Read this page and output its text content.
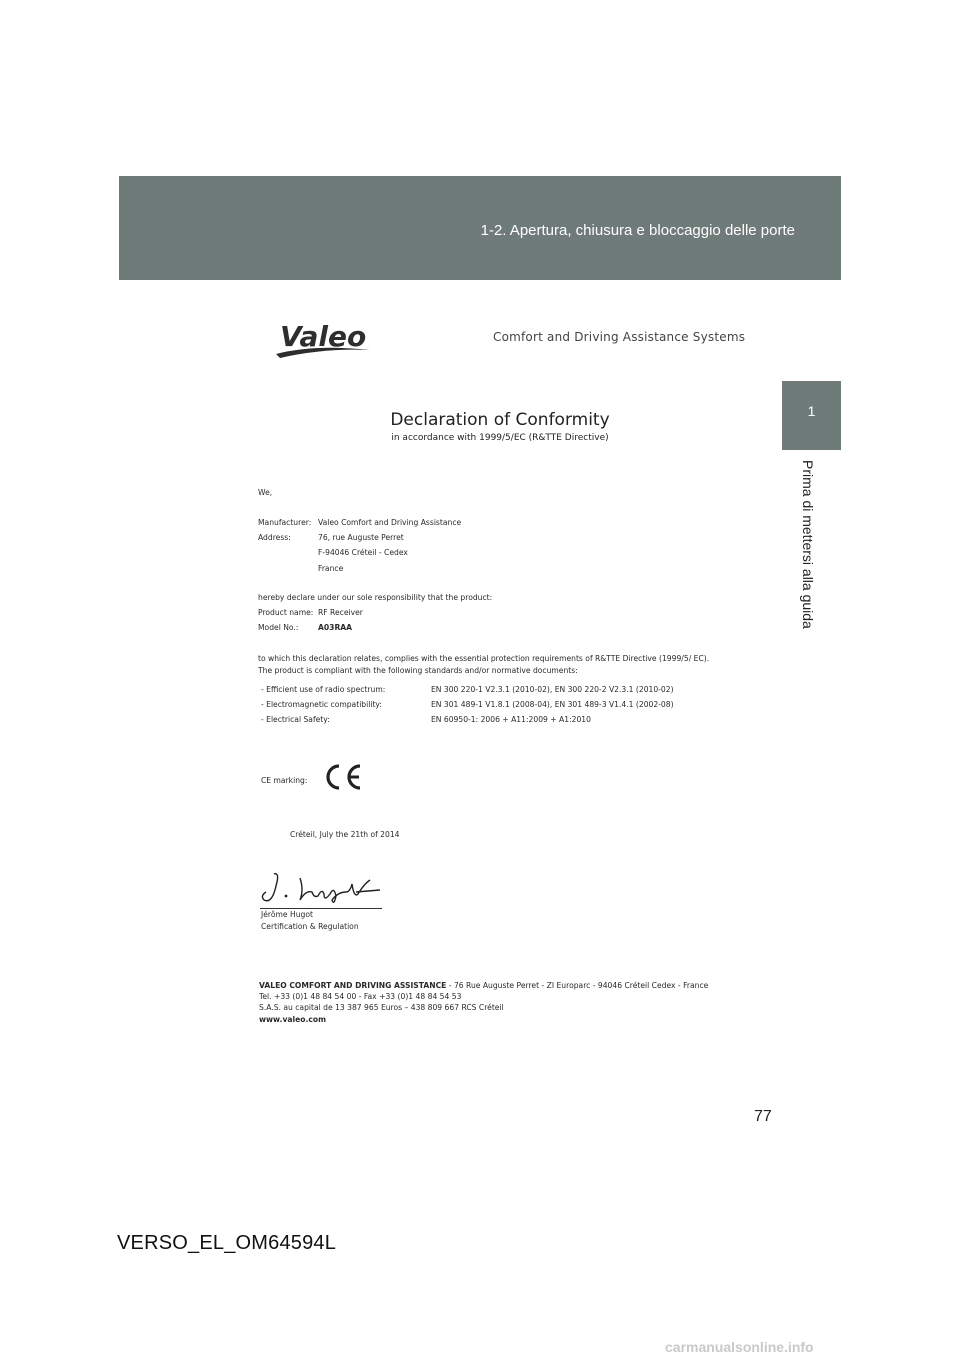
1-2. Apertura, chiusura e bloccaggio delle porte
1
Prima di mettersi alla guida
Valeo	Comfort and Driving Assistance Systems
Declaration of Conformity
in accordance with 1999/5/EC (R&TTE Directive)
We,
Manufacturer: Valeo Comfort and Driving Assistance
Address:	76, rue Auguste Perret
F-94046 Créteil - Cedex
France
hereby declare under our sole responsibility that the product:
Product name: RF Receiver
Model No.:	A03RAA
to which this declaration relates, complies with the essential protection requirements of R&TTE Directive (1999/5/ EC).
The product is compliant with the following standards and/or normative documents:
- Efficient use of radio spectrum:	EN 300 220-1 V2.3.1 (2010-02), EN 300 220-2 V2.3.1 (2010-02)
- Electromagnetic compatibility:	EN 301 489-1 V1.8.1 (2008-04), EN 301 489-3 V1.4.1 (2002-08)
- Electrical Safety:	EN 60950-1: 2006 + A11:2009 + A1:2010
CE marking:
Créteil, July the 21th of 2014
Jérôme Hugot
Certification & Regulation
VALEO COMFORT AND DRIVING ASSISTANCE - 76 Rue Auguste Perret - ZI Europarc - 94046 Créteil Cedex - France
Tel. +33 (0)1 48 84 54 00 - Fax +33 (0)1 48 84 54 53
S.A.S. au capital de 13 387 965 Euros – 438 809 667 RCS Créteil
www.valeo.com
77
VERSO_EL_OM64594L
carmanualsonline.info
